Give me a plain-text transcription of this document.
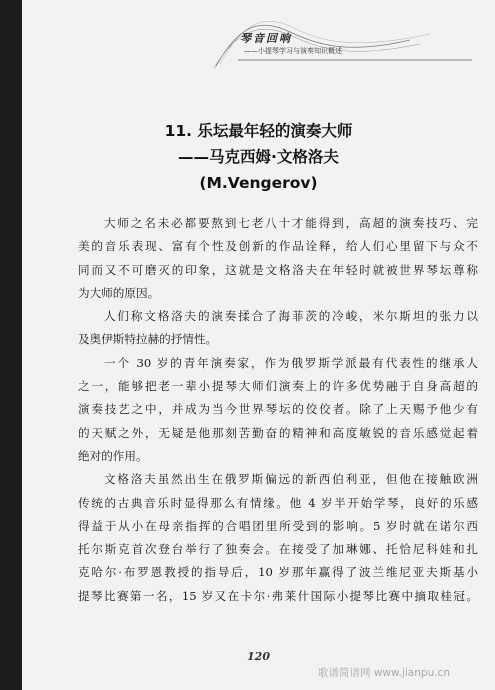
琴音回响
——小提琴学习与演奏知识概述
11. 乐坛最年轻的演奏大师
——马克西姆·文格洛夫
(M.Vengerov)
大师之名未必都要熬到七老八十才能得到，高超的演奏技巧、完
美的音乐表现、富有个性及创新的作品诠释，给人们心里留下与众不
同而又不可磨灭的印象，这就是文格洛夫在年轻时就被世界琴坛尊称
为大师的原因。
人们称文格洛夫的演奏揉合了海菲茨的冷峻，米尔斯坦的张力以
及奥伊斯特拉赫的抒情性。
一个 30 岁的青年演奏家，作为俄罗斯学派最有代表性的继承人
之一，能够把老一辈小提琴大师们演奏上的许多优势融于自身高超的
演奏技艺之中，并成为当今世界琴坛的佼佼者。除了上天赐予他少有
的天赋之外，无疑是他那刻苦勤奋的精神和高度敏锐的音乐感觉起着
绝对的作用。
文格洛夫虽然出生在俄罗斯偏远的新西伯利亚，但他在接触欧洲
传统的古典音乐时显得那么有情缘。他 4 岁半开始学琴，良好的乐感
得益于从小在母亲指挥的合唱团里所受到的影响。5 岁时就在诺尔西
托尔斯克首次登台举行了独奏会。在接受了加琳娜、托恰尼科娃和扎
克哈尔·布罗恩教授的指导后，10 岁那年赢得了波兰维尼亚夫斯基小
提琴比赛第一名，15 岁又在卡尔·弗莱什国际小提琴比赛中摘取桂冠。
120
歌谱简谱网 www.jianpu.cn
